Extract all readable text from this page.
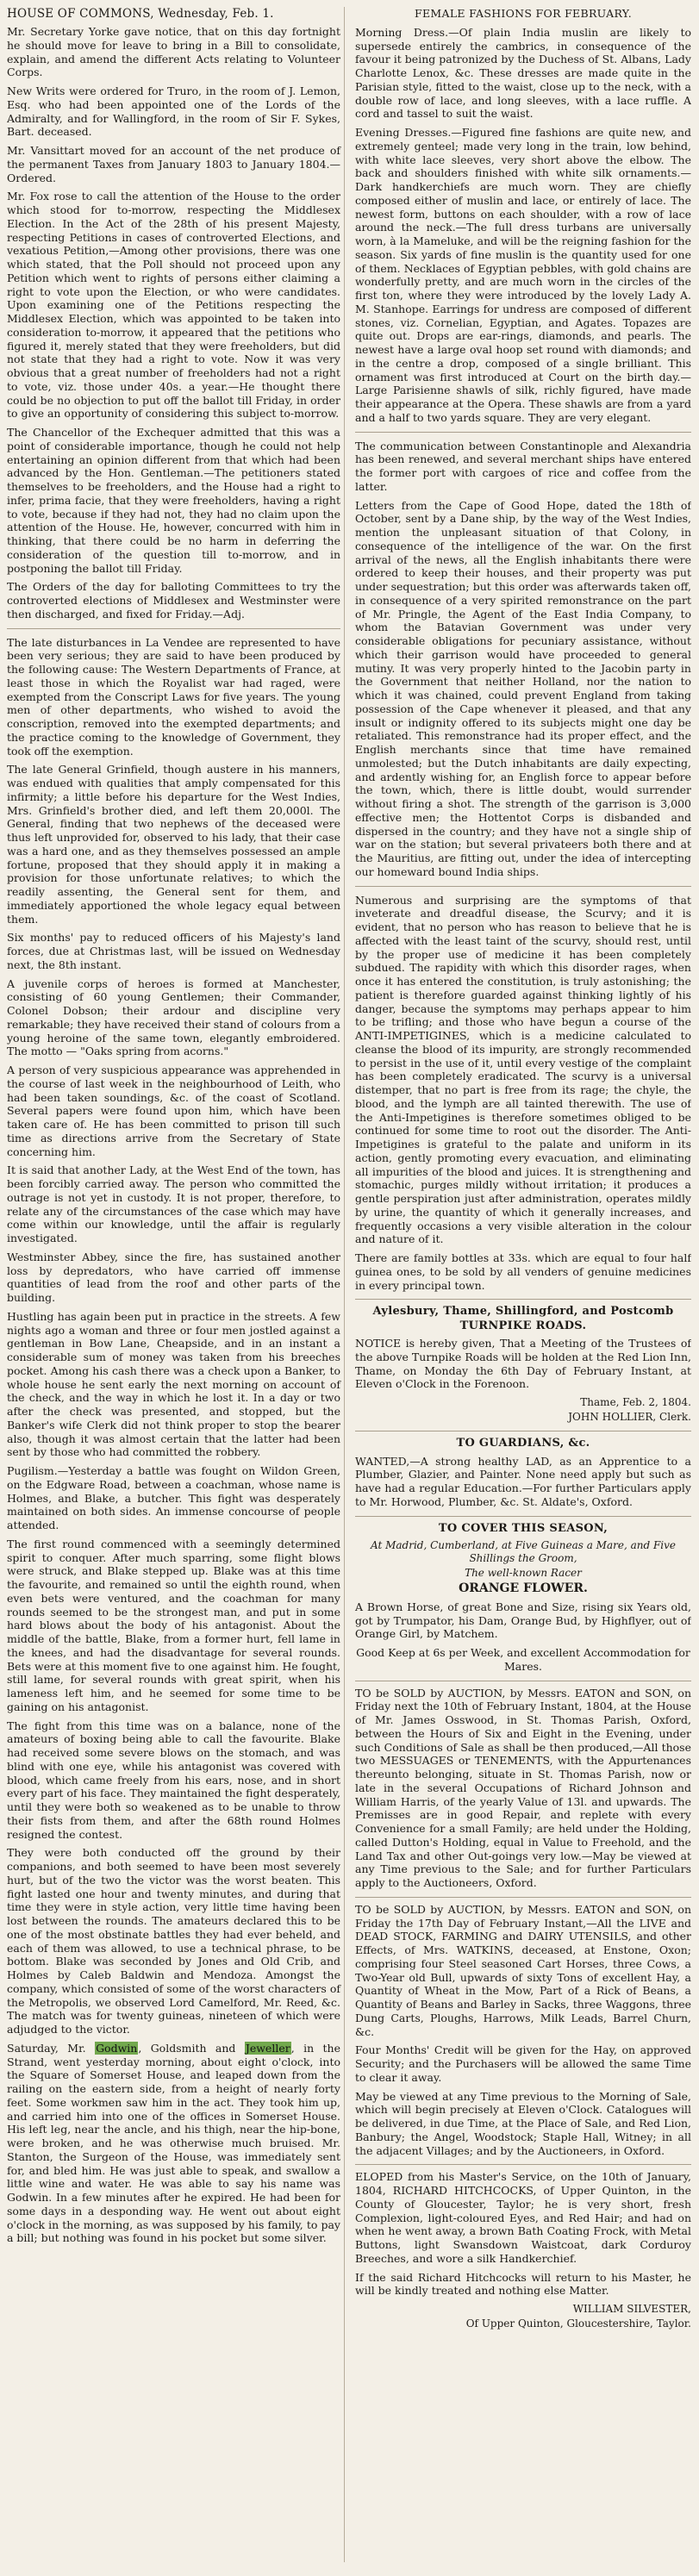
HOUSE OF COMMONS, Wednesday, Feb. 1.

Mr. Secretary Yorke gave notice, that on this day fortnight he should move for leave to bring in a Bill to consolidate, explain, and amend the different Acts relating to Volunteer Corps.

New Writs were ordered for Truro, in the room of J. Lemon, Esq. who had been appointed one of the Lords of the Admiralty, and for Wallingford, in the room of Sir F. Sykes, Bart. deceased.

Mr. Vansittart moved for an account of the net produce of the permanent Taxes from January 1803 to January 1804.—Ordered.

Mr. Fox rose to call the attention of the House to the order which stood for to-morrow, respecting the Middlesex Election. In the Act of the 28th of his present Majesty, respecting Petitions in cases of controverted Elections, and vexatious Petition,—Among other provisions, there was one which stated, that the Poll should not proceed upon any Petition which went to rights of persons either claiming a right to vote upon the Election, or who were candidates. Upon examining one of the Petitions respecting the Middlesex Election, which was appointed to be taken into consideration to-morrow, it appeared that the petitions who figured it, merely stated that they were freeholders, but did not state that they had a right to vote. Now it was very obvious that a great number of freeholders had not a right to vote, viz. those under 40s. a year.—He thought there could be no objection to put off the ballot till Friday, in order to give an opportunity of considering this subject to-morrow.

The Chancellor of the Exchequer admitted that this was a point of considerable importance, though he could not help entertaining an opinion different from that which had been advanced by the Hon. Gentleman.—The petitioners stated themselves to be freeholders, and the House had a right to infer, prima facie, that they were freeholders, having a right to vote, because if they had not, they had no claim upon the attention of the House. He, however, concurred with him in thinking, that there could be no harm in deferring the consideration of the question till to-morrow, and in postponing the ballot till Friday.

The Orders of the day for balloting Committees to try the controverted elections of Middlesex and Westminster were then discharged, and fixed for Friday.—Adj.

The late disturbances in La Vendee are represented to have been very serious; they are said to have been produced by the following cause: The Western Departments of France, at least those in which the Royalist war had raged, were exempted from the Conscript Laws for five years. The young men of other departments, who wished to avoid the conscription, removed into the exempted departments; and the practice coming to the knowledge of Government, they took off the exemption.

The late General Grinfield, though austere in his manners, was endued with qualities that amply compensated for this infirmity; a little before his departure for the West Indies, Mrs. Grinfield's brother died, and left them 20,000l. The General, finding that two nephews of the deceased were thus left unprovided for, observed to his lady, that their case was a hard one, and as they themselves possessed an ample fortune, proposed that they should apply it in making a provision for those unfortunate relatives; to which the readily assenting, the General sent for them, and immediately apportioned the whole legacy equal between them.

Six months' pay to reduced officers of his Majesty's land forces, due at Christmas last, will be issued on Wednesday next, the 8th instant.

A juvenile corps of heroes is formed at Manchester, consisting of 60 young Gentlemen; their Commander, Colonel Dobson; their ardour and discipline very remarkable; they have received their stand of colours from a young heroine of the same town, elegantly embroidered. The motto — "Oaks spring from acorns."

A person of very suspicious appearance was apprehended in the course of last week in the neighbourhood of Leith, who had been taken soundings, &c. of the coast of Scotland. Several papers were found upon him, which have been taken care of. He has been committed to prison till such time as directions arrive from the Secretary of State concerning him.

It is said that another Lady, at the West End of the town, has been forcibly carried away. The person who committed the outrage is not yet in custody. It is not proper, therefore, to relate any of the circumstances of the case which may have come within our knowledge, until the affair is regularly investigated.

Westminster Abbey, since the fire, has sustained another loss by depredators, who have carried off immense quantities of lead from the roof and other parts of the building.

Hustling has again been put in practice in the streets. A few nights ago a woman and three or four men jostled against a gentleman in Bow Lane, Cheapside, and in an instant a considerable sum of money was taken from his breeches pocket. Among his cash there was a check upon a Banker, to whole house he sent early the next morning on account of the check, and the way in which he lost it. In a day or two after the check was presented, and stopped, but the Banker's wife Clerk did not think proper to stop the bearer also, though it was almost certain that the latter had been sent by those who had committed the robbery.

Pugilism.—Yesterday a battle was fought on Wildon Green, on the Edgware Road, between a coachman, whose name is Holmes, and Blake, a butcher. This fight was desperately maintained on both sides. An immense concourse of people attended.

The first round commenced with a seemingly determined spirit to conquer. After much sparring, some flight blows were struck, and Blake stepped up. Blake was at this time the favourite, and remained so until the eighth round, when even bets were ventured, and the coachman for many rounds seemed to be the strongest man, and put in some hard blows about the body of his antagonist. About the middle of the battle, Blake, from a former hurt, fell lame in the knees, and had the disadvantage for several rounds. Bets were at this moment five to one against him. He fought, still lame, for several rounds with great spirit, when his lameness left him, and he seemed for some time to be gaining on his antagonist.

The fight from this time was on a balance, none of the amateurs of boxing being able to call the favourite. Blake had received some severe blows on the stomach, and was blind with one eye, while his antagonist was covered with blood, which came freely from his ears, nose, and in short every part of his face. They maintained the fight desperately, until they were both so weakened as to be unable to throw their fists from them, and after the 68th round Holmes resigned the contest.

They were both conducted off the ground by their companions, and both seemed to have been most severely hurt, but of the two the victor was the worst beaten. This fight lasted one hour and twenty minutes, and during that time they were in style action, very little time having been lost between the rounds. The amateurs declared this to be one of the most obstinate battles they had ever beheld, and each of them was allowed, to use a technical phrase, to be bottom. Blake was seconded by Jones and Old Crib, and Holmes by Caleb Baldwin and Mendoza. Amongst the company, which consisted of some of the worst characters of the Metropolis, we observed Lord Camelford, Mr. Reed, &c. The match was for twenty guineas, nineteen of which were adjudged to the victor.

Saturday, Mr. Godwin, Goldsmith and Jeweller, in the Strand, went yesterday morning, about eight o'clock, into the Square of Somerset House, and leaped down from the railing on the eastern side, from a height of nearly forty feet. Some workmen saw him in the act. They took him up, and carried him into one of the offices in Somerset House. His left leg, near the ancle, and his thigh, near the hip-bone, were broken, and he was otherwise much bruised. Mr. Stanton, the Surgeon of the House, was immediately sent for, and bled him. He was just able to speak, and swallow a little wine and water. He was able to say his name was Godwin. In a few minutes after he expired. He had been for some days in a desponding way. He went out about eight o'clock in the morning, as was supposed by his family, to pay a bill; but nothing was found in his pocket but some silver.

FEMALE FASHIONS FOR FEBRUARY.

Morning Dress.—Of plain India muslin are likely to supersede entirely the cambrics, in consequence of the favour it being patronized by the Duchess of St. Albans, Lady Charlotte Lenox, &c. These dresses are made quite in the Parisian style, fitted to the waist, close up to the neck, with a double row of lace, and long sleeves, with a lace ruffle. A cord and tassel to suit the waist.

Evening Dresses.—Figured fine fashions are quite new, and extremely genteel; made very long in the train, low behind, with white lace sleeves, very short above the elbow. The back and shoulders finished with white silk ornaments.—Dark handkerchiefs are much worn. They are chiefly composed either of muslin and lace, or entirely of lace. The newest form, buttons on each shoulder, with a row of lace around the neck.—The full dress turbans are universally worn, à la Mameluke, and will be the reigning fashion for the season. Six yards of fine muslin is the quantity used for one of them. Necklaces of Egyptian pebbles, with gold chains are wonderfully pretty, and are much worn in the circles of the first ton, where they were introduced by the lovely Lady A. M. Stanhope. Earrings for undress are composed of different stones, viz. Cornelian, Egyptian, and Agates. Topazes are quite out. Drops are ear-rings, diamonds, and pearls. The newest have a large oval hoop set round with diamonds; and in the centre a drop, composed of a single brilliant. This ornament was first introduced at Court on the birth day.—Large Parisienne shawls of silk, richly figured, have made their appearance at the Opera. These shawls are from a yard and a half to two yards square. They are very elegant.

The communication between Constantinople and Alexandria has been renewed, and several merchant ships have entered the former port with cargoes of rice and coffee from the latter.

Letters from the Cape of Good Hope, dated the 18th of October, sent by a Dane ship, by the way of the West Indies, mention the unpleasant situation of that Colony, in consequence of the intelligence of the war. On the first arrival of the news, all the English inhabitants there were ordered to keep their houses, and their property was put under sequestration; but this order was afterwards taken off, in consequence of a very spirited remonstrance on the part of Mr. Pringle, the Agent of the East India Company, to whom the Batavian Government was under very considerable obligations for pecuniary assistance, without which their garrison would have proceeded to general mutiny. It was very properly hinted to the Jacobin party in the Government that neither Holland, nor the nation to which it was chained, could prevent England from taking possession of the Cape whenever it pleased, and that any insult or indignity offered to its subjects might one day be retaliated. This remonstrance had its proper effect, and the English merchants since that time have remained unmolested; but the Dutch inhabitants are daily expecting, and ardently wishing for, an English force to appear before the town, which, there is little doubt, would surrender without firing a shot. The strength of the garrison is 3,000 effective men; the Hottentot Corps is disbanded and dispersed in the country; and they have not a single ship of war on the station; but several privateers both there and at the Mauritius, are fitting out, under the idea of intercepting our homeward bound India ships.

Numerous and surprising are the symptoms of that inveterate and dreadful disease, the Scurvy; and it is evident, that no person who has reason to believe that he is affected with the least taint of the scurvy, should rest, until by the proper use of medicine it has been completely subdued. The rapidity with which this disorder rages, when once it has entered the constitution, is truly astonishing; the patient is therefore guarded against thinking lightly of his danger, because the symptoms may perhaps appear to him to be trifling; and those who have begun a course of the ANTI-IMPETIGINES, which is a medicine calculated to cleanse the blood of its impurity, are strongly recommended to persist in the use of it, until every vestige of the complaint has been completely eradicated. The scurvy is a universal distemper, that no part is free from its rage; the chyle, the blood, and the lymph are all tainted therewith. The use of the Anti-Impetigines is therefore sometimes obliged to be continued for some time to root out the disorder. The Anti-Impetigines is grateful to the palate and uniform in its action, gently promoting every evacuation, and eliminating all impurities of the blood and juices. It is strengthening and stomachic, purges mildly without irritation; it produces a gentle perspiration just after administration, operates mildly by urine, the quantity of which it generally increases, and frequently occasions a very visible alteration in the colour and nature of it.

There are family bottles at 33s. which are equal to four half guinea ones, to be sold by all venders of genuine medicines in every principal town.

Aylesbury, Thame, Shillingford, and Postcomb TURNPIKE ROADS.

NOTICE is hereby given, That a Meeting of the Trustees of the above Turnpike Roads will be holden at the Red Lion Inn, Thame, on Monday the 6th Day of February Instant, at Eleven o'Clock in the Forenoon.

Thame, Feb. 2, 1804.

JOHN HOLLIER, Clerk.

TO GUARDIANS, &c.

WANTED,—A strong healthy LAD, as an Apprentice to a Plumber, Glazier, and Painter. None need apply but such as have had a regular Education.—For further Particulars apply to Mr. Horwood, Plumber, &c. St. Aldate's, Oxford.

TO COVER THIS SEASON,

At Madrid, Cumberland, at Five Guineas a Mare, and Five Shillings the Groom,

The well-known Racer

ORANGE FLOWER.

A Brown Horse, of great Bone and Size, rising six Years old, got by Trumpator, his Dam, Orange Bud, by Highflyer, out of Orange Girl, by Matchem.

Good Keep at 6s per Week, and excellent Accommodation for Mares.

TO be SOLD by AUCTION, by Messrs. EATON and SON, on Friday next the 10th of February Instant, 1804, at the House of Mr. James Osswood, in St. Thomas Parish, Oxford, between the Hours of Six and Eight in the Evening, under such Conditions of Sale as shall be then produced,—All those two MESSUAGES or TENEMENTS, with the Appurtenances thereunto belonging, situate in St. Thomas Parish, now or late in the several Occupations of Richard Johnson and William Harris, of the yearly Value of 13l. and upwards. The Premisses are in good Repair, and replete with every Convenience for a small Family; are held under the Holding, called Dutton's Holding, equal in Value to Freehold, and the Land Tax and other Out-goings very low.—May be viewed at any Time previous to the Sale; and for further Particulars apply to the Auctioneers, Oxford.

TO be SOLD by AUCTION, by Messrs. EATON and SON, on Friday the 17th Day of February Instant,—All the LIVE and DEAD STOCK, FARMING and DAIRY UTENSILS, and other Effects, of Mrs. WATKINS, deceased, at Enstone, Oxon; comprising four Steel seasoned Cart Horses, three Cows, a Two-Year old Bull, upwards of sixty Tons of excellent Hay, a Quantity of Wheat in the Mow, Part of a Rick of Beans, a Quantity of Beans and Barley in Sacks, three Waggons, three Dung Carts, Ploughs, Harrows, Milk Leads, Barrel Churn, &c.

Four Months' Credit will be given for the Hay, on approved Security; and the Purchasers will be allowed the same Time to clear it away.

May be viewed at any Time previous to the Morning of Sale, which will begin precisely at Eleven o'Clock. Catalogues will be delivered, in due Time, at the Place of Sale, and Red Lion, Banbury; the Angel, Woodstock; Staple Hall, Witney; in all the adjacent Villages; and by the Auctioneers, in Oxford.

ELOPED from his Master's Service, on the 10th of January, 1804, RICHARD HITCHCOCKS, of Upper Quinton, in the County of Gloucester, Taylor; he is very short, fresh Complexion, light-coloured Eyes, and Red Hair; and had on when he went away, a brown Bath Coating Frock, with Metal Buttons, light Swansdown Waistcoat, dark Corduroy Breeches, and wore a silk Handkerchief.

If the said Richard Hitchcocks will return to his Master, he will be kindly treated and nothing else Matter.

WILLIAM SILVESTER,

Of Upper Quinton, Gloucestershire, Taylor.
